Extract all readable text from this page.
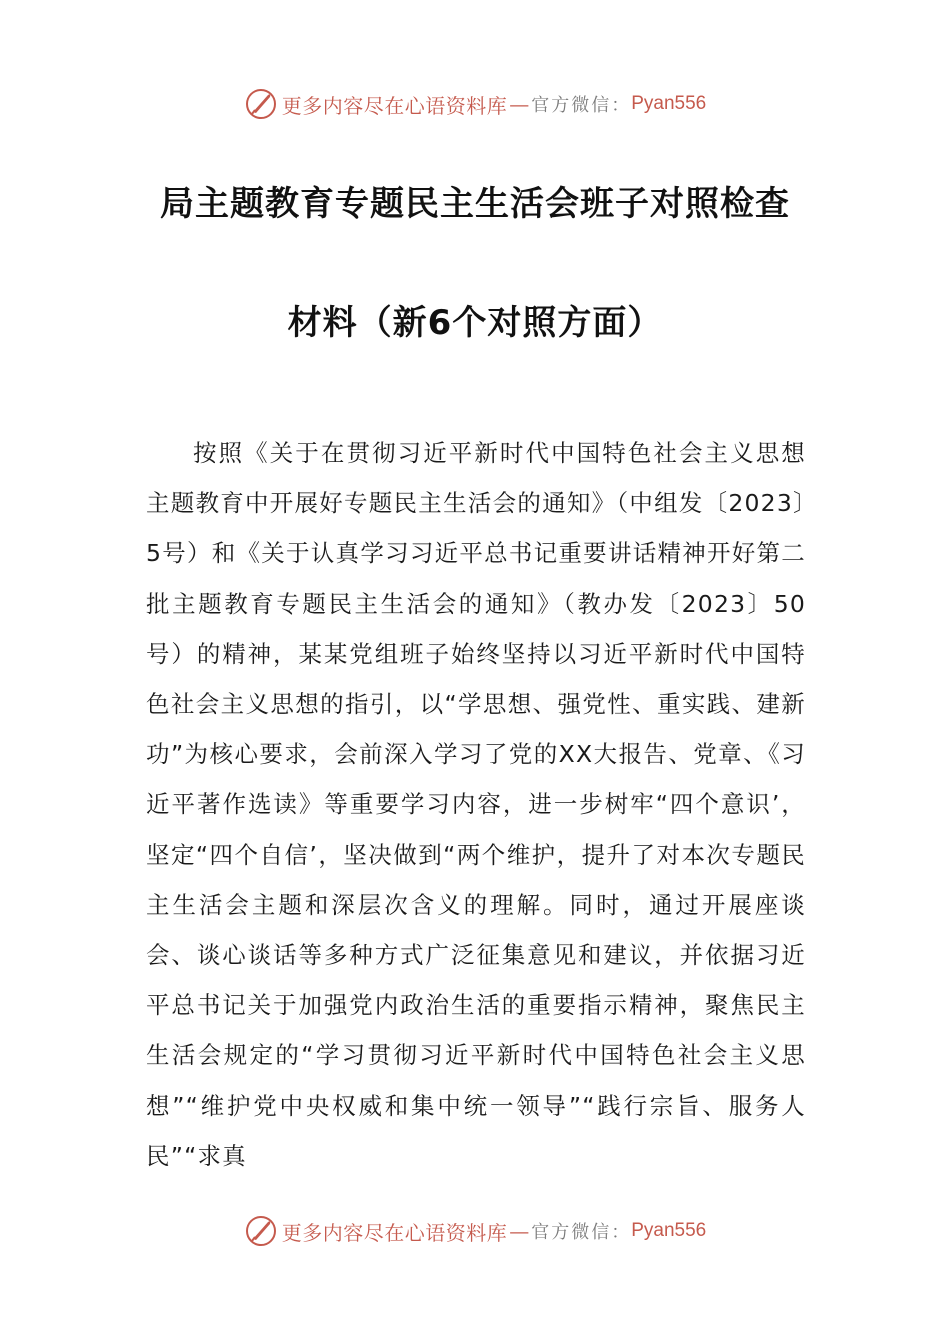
更多内容尽在心语资料库 — 官方微信： Pyan556
局主题教育专题民主生活会班子对照检查
材料（新6个对照方面）

按照《关于在贯彻习近平新时代中国特色社会主义思想主题教育中开展好专题民主生活会的通知》（中组发〔2023〕5号）和《关于认真学习习近平总书记重要讲话精神开好第二批主题教育专题民主生活会的通知》（教办发〔2023〕50号）的精神，某某党组班子始终坚持以习近平新时代中国特色社会主义思想的指引，以“学思想、强党性、重实践、建新功”为核心要求，会前深入学习了党的XX大报告、党章、《习近平著作选读》等重要学习内容，进一步树牢“四个意识’，坚定“四个自信’，坚决做到“两个维护，提升了对本次专题民主生活会主题和深层次含义的理解。同时，通过开展座谈会、谈心谈话等多种方式广泛征集意见和建议，并依据习近平总书记关于加强党内政治生活的重要指示精神，聚焦民主生活会规定的“学习贯彻习近平新时代中国特色社会主义思想”“维护党中央权威和集中统一领导”“践行宗旨、服务人民”“求真

更多内容尽在心语资料库 — 官方微信： Pyan556
